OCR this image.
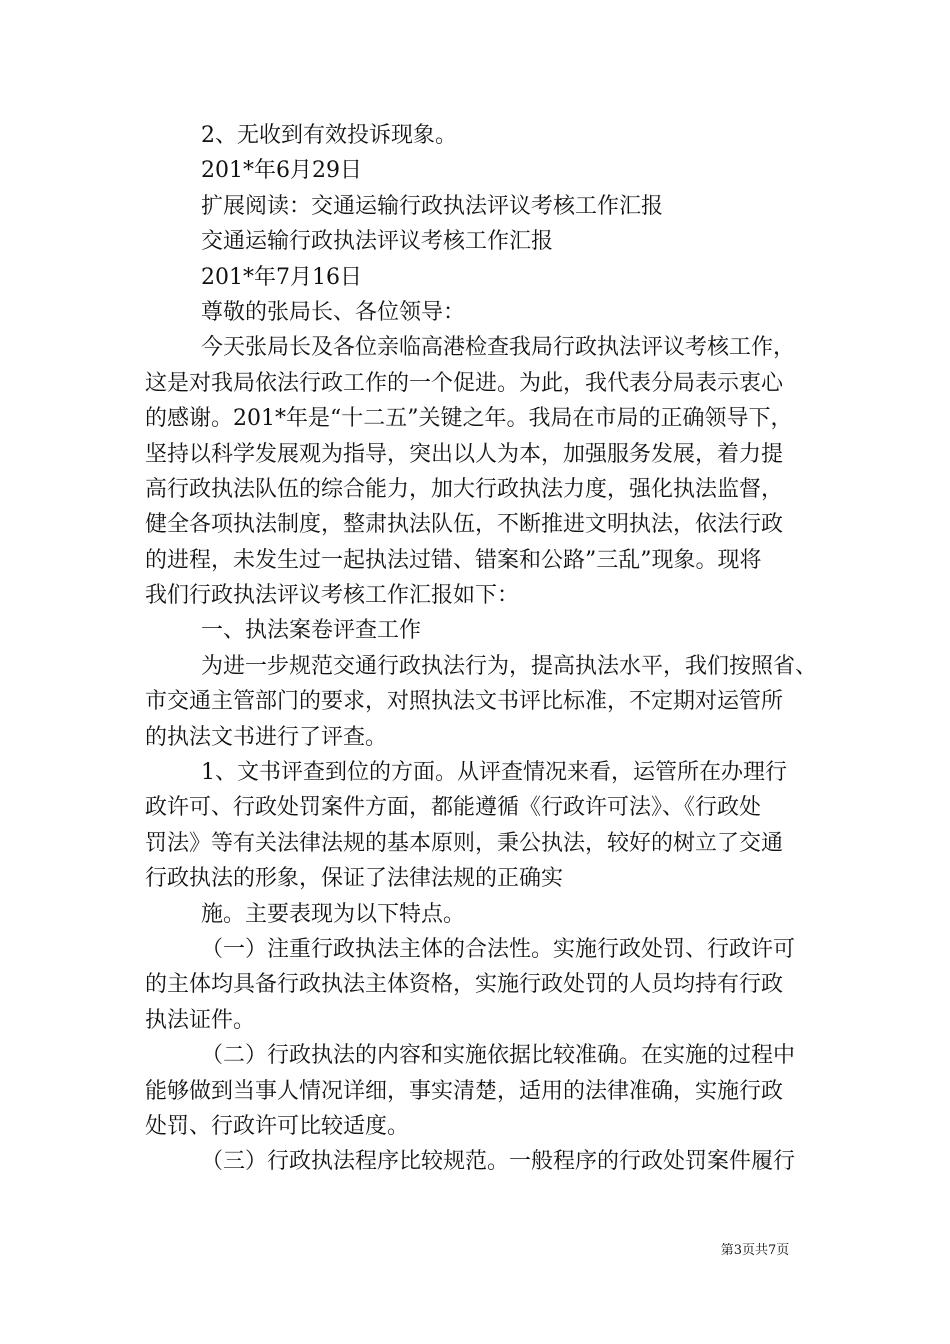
2、无收到有效投诉现象。
201*年6月29日
扩展阅读：交通运输行政执法评议考核工作汇报
交通运输行政执法评议考核工作汇报
201*年7月16日
尊敬的张局长、各位领导：
今天张局长及各位亲临高港检查我局行政执法评议考核工作，
这是对我局依法行政工作的一个促进。为此，我代表分局表示衷心
的感谢。201*年是“十二五”关键之年。我局在市局的正确领导下，
坚持以科学发展观为指导，突出以人为本，加强服务发展，着力提
高行政执法队伍的综合能力，加大行政执法力度，强化执法监督，
健全各项执法制度，整肃执法队伍，不断推进文明执法，依法行政
的进程，未发生过一起执法过错、错案和公路”三乱”现象。现将
我们行政执法评议考核工作汇报如下：
一、执法案卷评查工作
为进一步规范交通行政执法行为，提高执法水平，我们按照省、
市交通主管部门的要求，对照执法文书评比标准，不定期对运管所
的执法文书进行了评查。
1、文书评查到位的方面。从评查情况来看，运管所在办理行
政许可、行政处罚案件方面，都能遵循《行政许可法》、《行政处
罚法》等有关法律法规的基本原则，秉公执法，较好的树立了交通
行政执法的形象，保证了法律法规的正确实
施。主要表现为以下特点。
（一）注重行政执法主体的合法性。实施行政处罚、行政许可
的主体均具备行政执法主体资格，实施行政处罚的人员均持有行政
执法证件。
（二）行政执法的内容和实施依据比较准确。在实施的过程中
能够做到当事人情况详细，事实清楚，适用的法律准确，实施行政
处罚、行政许可比较适度。
（三）行政执法程序比较规范。一般程序的行政处罚案件履行
第3页共7页
